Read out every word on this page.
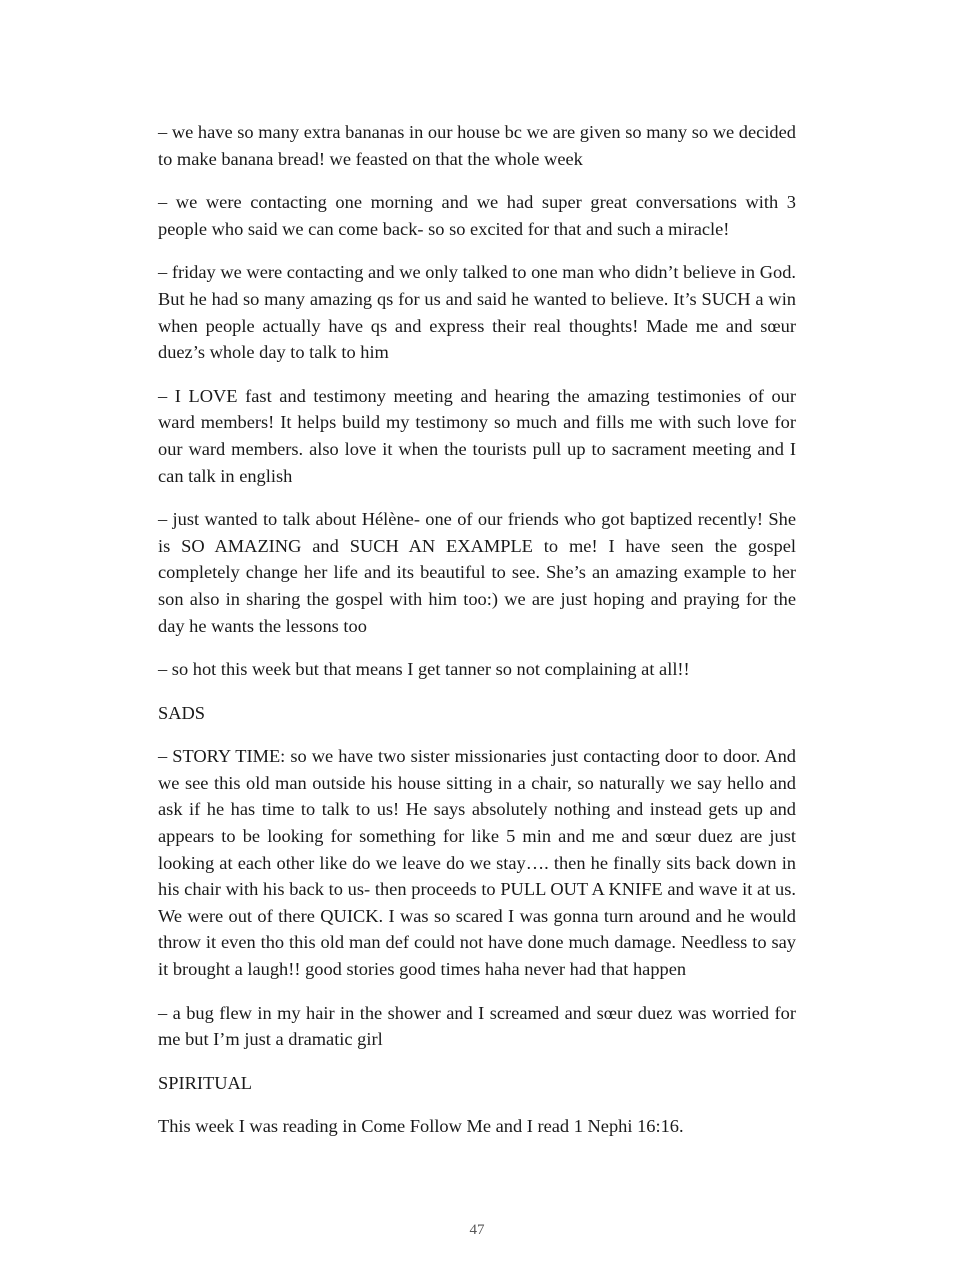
– we have so many extra bananas in our house bc we are given so many so we decided to make banana bread! we feasted on that the whole week

– we were contacting one morning and we had super great conversations with 3 people who said we can come back- so so excited for that and such a miracle!

– friday we were contacting and we only talked to one man who didn’t believe in God. But he had so many amazing qs for us and said he wanted to believe. It’s SUCH a win when people actually have qs and express their real thoughts! Made me and sœur duez’s whole day to talk to him

– I LOVE fast and testimony meeting and hearing the amazing testimonies of our ward members! It helps build my testimony so much and fills me with such love for our ward members. also love it when the tourists pull up to sacrament meeting and I can talk in english

– just wanted to talk about Hélène- one of our friends who got baptized recently! She is SO AMAZING and SUCH AN EXAMPLE to me! I have seen the gospel completely change her life and its beautiful to see. She’s an amazing example to her son also in sharing the gospel with him too:) we are just hoping and praying for the day he wants the lessons too

– so hot this week but that means I get tanner so not complaining at all!!

SADS

– STORY TIME: so we have two sister missionaries just contacting door to door. And we see this old man outside his house sitting in a chair, so naturally we say hello and ask if he has time to talk to us! He says absolutely nothing and instead gets up and appears to be looking for something for like 5 min and me and sœur duez are just looking at each other like do we leave do we stay…. then he finally sits back down in his chair with his back to us- then proceeds to PULL OUT A KNIFE and wave it at us. We were out of there QUICK. I was so scared I was gonna turn around and he would throw it even tho this old man def could not have done much damage. Needless to say it brought a laugh!! good stories good times haha never had that happen

– a bug flew in my hair in the shower and I screamed and sœur duez was worried for me but I’m just a dramatic girl

SPIRITUAL

This week I was reading in Come Follow Me and I read 1 Nephi 16:16.

47
